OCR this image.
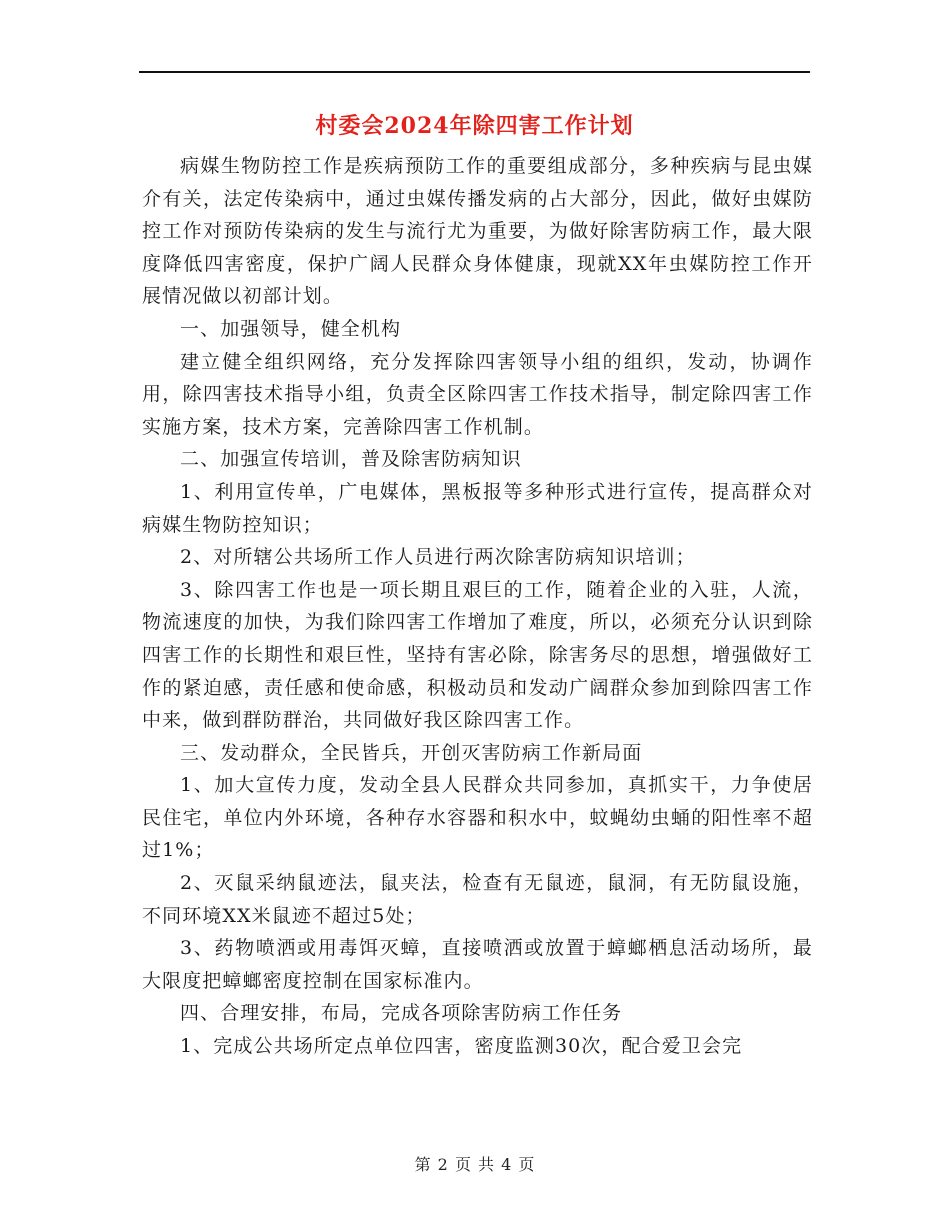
村委会2024年除四害工作计划

病媒生物防控工作是疾病预防工作的重要组成部分，多种疾病与昆虫媒介有关，法定传染病中，通过虫媒传播发病的占大部分，因此，做好虫媒防控工作对预防传染病的发生与流行尤为重要，为做好除害防病工作，最大限度降低四害密度，保护广阔人民群众身体健康，现就XX年虫媒防控工作开展情况做以初部计划。

一、加强领导，健全机构

建立健全组织网络，充分发挥除四害领导小组的组织，发动，协调作用，除四害技术指导小组，负责全区除四害工作技术指导，制定除四害工作实施方案，技术方案，完善除四害工作机制。

二、加强宣传培训，普及除害防病知识

1、利用宣传单，广电媒体，黑板报等多种形式进行宣传，提高群众对病媒生物防控知识；

2、对所辖公共场所工作人员进行两次除害防病知识培训；

3、除四害工作也是一项长期且艰巨的工作，随着企业的入驻，人流，物流速度的加快，为我们除四害工作增加了难度，所以，必须充分认识到除四害工作的长期性和艰巨性，坚持有害必除，除害务尽的思想，增强做好工作的紧迫感，责任感和使命感，积极动员和发动广阔群众参加到除四害工作中来，做到群防群治，共同做好我区除四害工作。

三、发动群众，全民皆兵，开创灭害防病工作新局面

1、加大宣传力度，发动全县人民群众共同参加，真抓实干，力争使居民住宅，单位内外环境，各种存水容器和积水中，蚊蝇幼虫蛹的阳性率不超过1%；

2、灭鼠采纳鼠迹法，鼠夹法，检查有无鼠迹，鼠洞，有无防鼠设施，不同环境XX米鼠迹不超过5处；

3、药物喷洒或用毒饵灭蟑，直接喷洒或放置于蟑螂栖息活动场所，最大限度把蟑螂密度控制在国家标准内。

四、合理安排，布局，完成各项除害防病工作任务

1、完成公共场所定点单位四害，密度监测30次，配合爱卫会完

第 2 页 共 4 页
